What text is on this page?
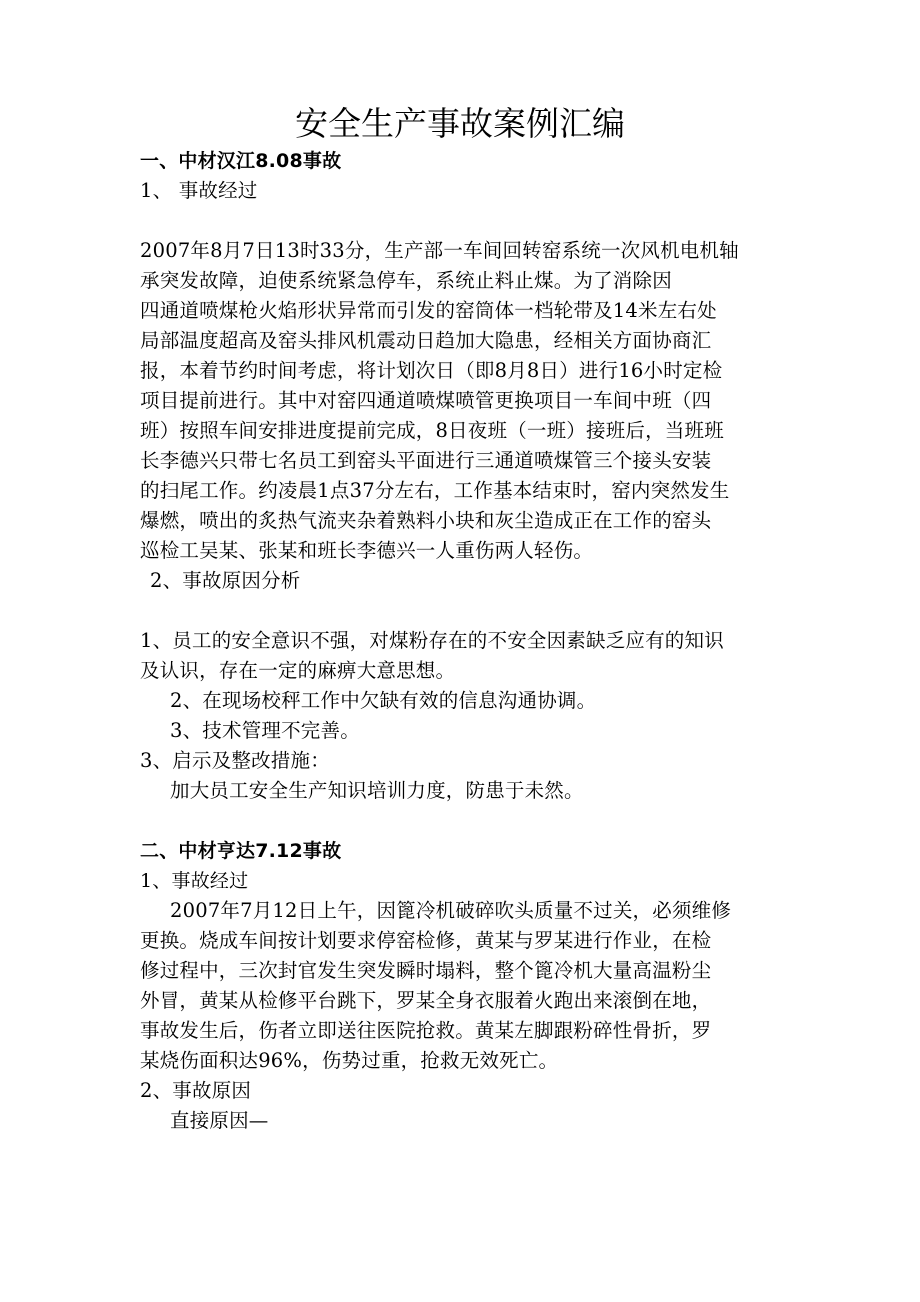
安全生产事故案例汇编
一、中材汉江8.08事故
1、 事故经过
2007年8月7日13时33分，生产部一车间回转窑系统一次风机电机轴
承突发故障，迫使系统紧急停车，系统止料止煤。为了消除因
四通道喷煤枪火焰形状异常而引发的窑筒体一档轮带及14米左右处
局部温度超高及窑头排风机震动日趋加大隐患，经相关方面协商汇
报，本着节约时间考虑，将计划次日（即8月8日）进行16小时定检
项目提前进行。其中对窑四通道喷煤喷管更换项目一车间中班（四
班）按照车间安排进度提前完成，8日夜班（一班）接班后，当班班
长李德兴只带七名员工到窑头平面进行三通道喷煤管三个接头安装
的扫尾工作。约凌晨1点37分左右，工作基本结束时，窑内突然发生
爆燃，喷出的炙热气流夹杂着熟料小块和灰尘造成正在工作的窑头
巡检工吴某、张某和班长李德兴一人重伤两人轻伤。
2、事故原因分析
1、员工的安全意识不强，对煤粉存在的不安全因素缺乏应有的知识
及认识，存在一定的麻痹大意思想。
2、在现场校秤工作中欠缺有效的信息沟通协调。
3、技术管理不完善。
3、启示及整改措施：
加大员工安全生产知识培训力度，防患于未然。
二、中材亨达7.12事故
1、事故经过
2007年7月12日上午，因篦冷机破碎吹头质量不过关，必须维修
更换。烧成车间按计划要求停窑检修，黄某与罗某进行作业，在检
修过程中，三次封官发生突发瞬时塌料，整个篦冷机大量高温粉尘
外冒，黄某从检修平台跳下，罗某全身衣服着火跑出来滚倒在地，
事故发生后，伤者立即送往医院抢救。黄某左脚跟粉碎性骨折，罗
某烧伤面积达96%，伤势过重，抢救无效死亡。
2、事故原因
直接原因—
